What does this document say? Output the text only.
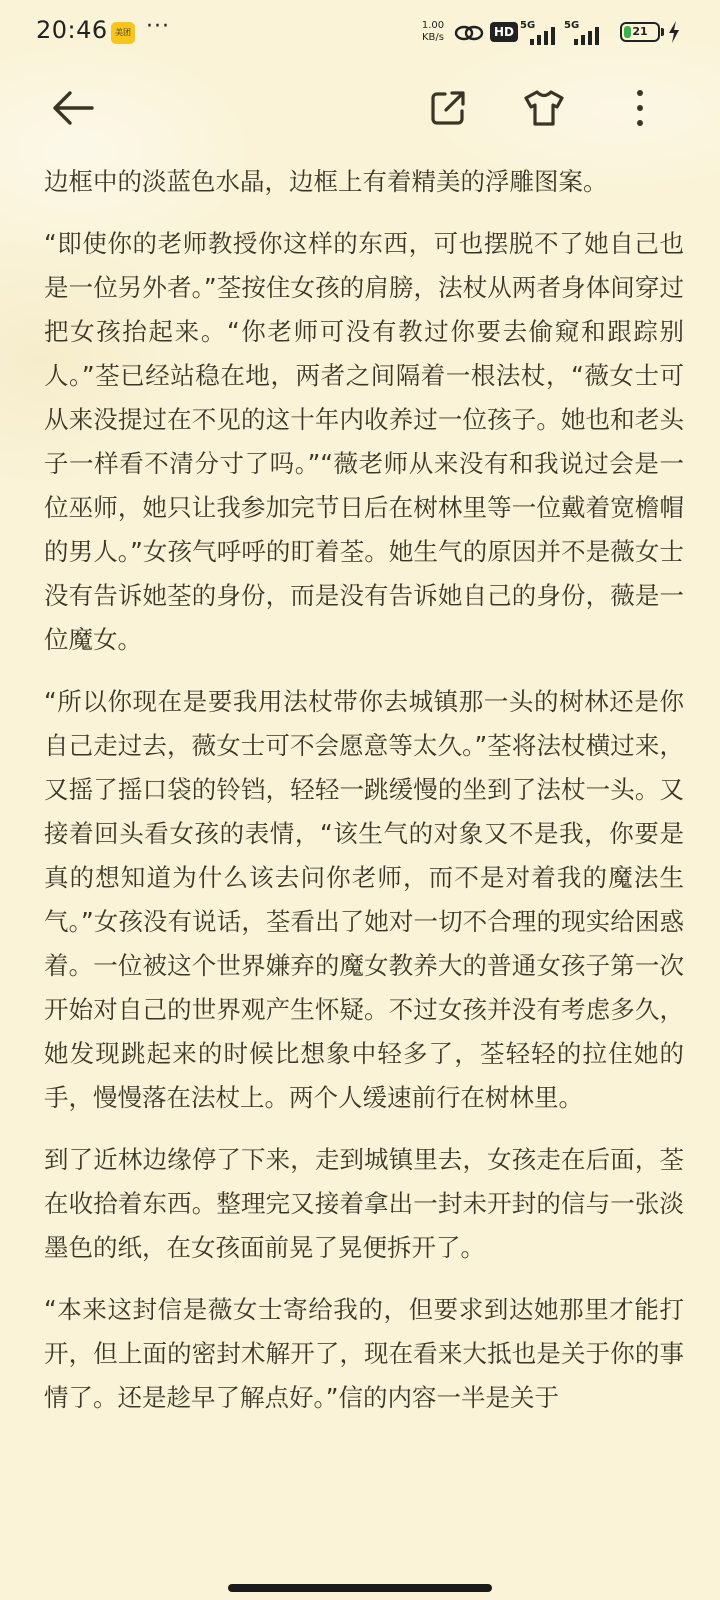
20:46 美团 ···	1.00
KB/s	HD 5G	5G	21

边框中的淡蓝色水晶，边框上有着精美的浮雕图案。

“即使你的老师教授你这样的东西，可也摆脱不了她自己也是一位另外者。”荃按住女孩的肩膀，法杖从两者身体间穿过把女孩抬起来。“你老师可没有教过你要去偷窥和跟踪别人。”荃已经站稳在地，两者之间隔着一根法杖，“薇女士可从来没提过在不见的这十年内收养过一位孩子。她也和老头子一样看不清分寸了吗。”“薇老师从来没有和我说过会是一位巫师，她只让我参加完节日后在树林里等一位戴着宽檐帽的男人。”女孩气呼呼的盯着荃。她生气的原因并不是薇女士没有告诉她荃的身份，而是没有告诉她自己的身份，薇是一位魔女。

“所以你现在是要我用法杖带你去城镇那一头的树林还是你自己走过去，薇女士可不会愿意等太久。”荃将法杖横过来，又摇了摇口袋的铃铛，轻轻一跳缓慢的坐到了法杖一头。又接着回头看女孩的表情，“该生气的对象又不是我，你要是真的想知道为什么该去问你老师，而不是对着我的魔法生气。”女孩没有说话，荃看出了她对一切不合理的现实给困惑着。一位被这个世界嫌弃的魔女教养大的普通女孩子第一次开始对自己的世界观产生怀疑。不过女孩并没有考虑多久，她发现跳起来的时候比想象中轻多了，荃轻轻的拉住她的手，慢慢落在法杖上。两个人缓速前行在树林里。

到了近林边缘停了下来，走到城镇里去，女孩走在后面，荃在收拾着东西。整理完又接着拿出一封未开封的信与一张淡墨色的纸，在女孩面前晃了晃便拆开了。

“本来这封信是薇女士寄给我的，但要求到达她那里才能打开，但上面的密封术解开了，现在看来大抵也是关于你的事情了。还是趁早了解点好。”信的内容一半是关于
